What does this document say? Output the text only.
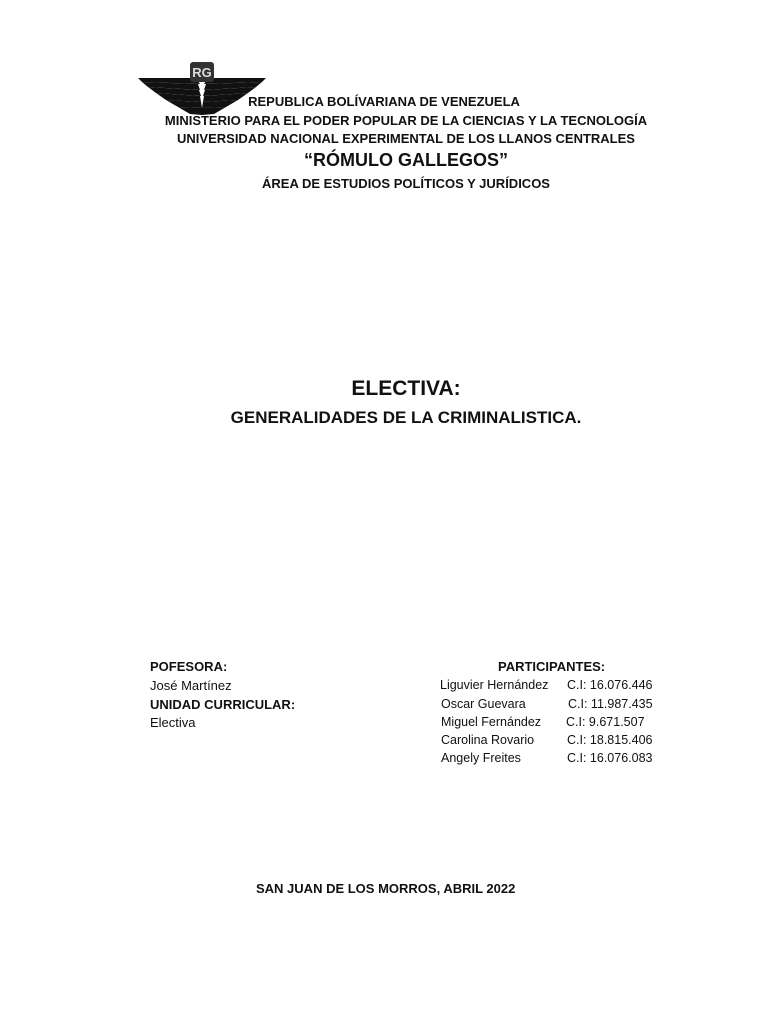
RG
REPUBLICA BOLÍVARIANA DE VENEZUELA
MINISTERIO PARA EL PODER POPULAR DE LA CIENCIAS Y LA TECNOLOGÍA
UNIVERSIDAD NACIONAL EXPERIMENTAL DE LOS LLANOS CENTRALES
“RÓMULO GALLEGOS”
ÁREA DE ESTUDIOS POLÍTICOS Y JURÍDICOS
ELECTIVA:
GENERALIDADES DE LA CRIMINALISTICA.
POFESORA:
José Martínez
UNIDAD CURRICULAR:
Electiva
PARTICIPANTES:
Liguvier Hernández C.I: 16.076.446
Oscar Guevara	C.I: 11.987.435
Miguel Fernández C.I: 9.671.507
Carolina Rovario	C.I: 18.815.406
Angely Freites	C.I: 16.076.083
SAN JUAN DE LOS MORROS, ABRIL 2022
